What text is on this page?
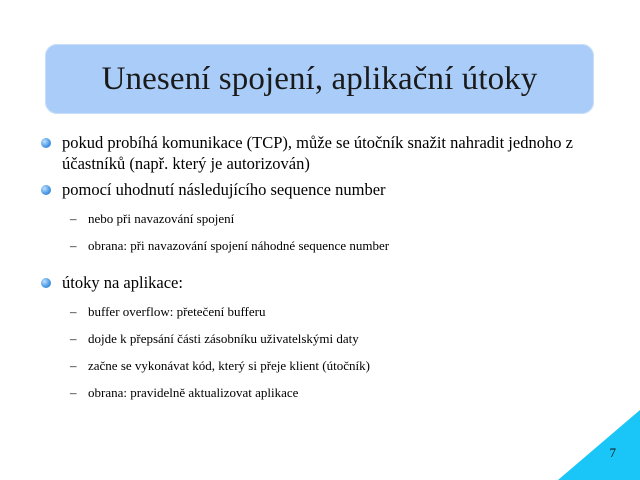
Unesení spojení, aplikační útoky
pokud probíhá komunikace (TCP), může se útočník snažit nahradit jednoho z účastníků (např. který je autorizován)
pomocí uhodnutí následujícího sequence number
– nebo při navazování spojení
– obrana: při navazování spojení náhodné sequence number
útoky na aplikace:
– buffer overflow: přetečení bufferu
– dojde k přepsání části zásobníku uživatelskými daty
– začne se vykonávat kód, který si přeje klient (útočník)
– obrana: pravidelně aktualizovat aplikace
7
